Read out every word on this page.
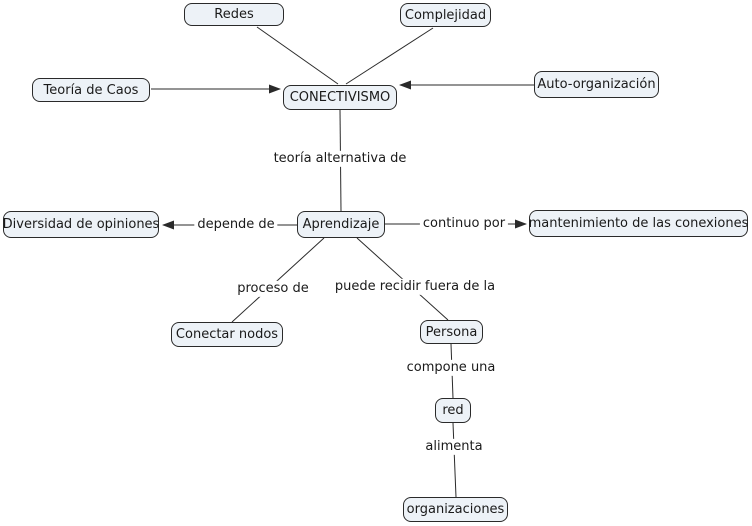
Redes	Complejidad
Teoría de Caos	CONECTIVISMO
Auto-organización
Diversidad de opiniones	Aprendizaje	mantenimiento de las conexiones
Conectar nodos	Persona
red
organizaciones
teoría alternativa de
depende de	continuo por
proceso de puede recidir fuera de la
compone una
alimenta
